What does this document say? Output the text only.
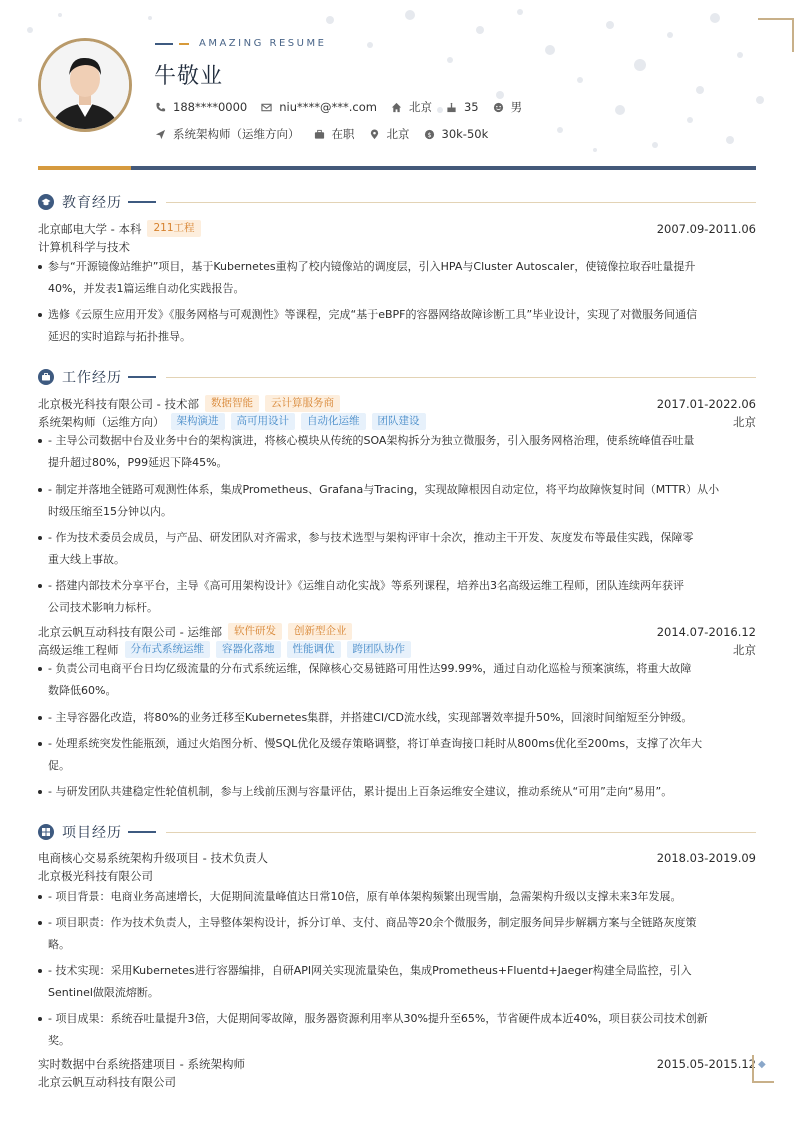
AMAZING RESUME
牛敬业
188****0000	niu****@***.com	北京	35	男
系统架构师（运维方向）	在职	北京 $ 30k-50k
教育经历
北京邮电大学 - 本科	211工程	2007.09-2011.06
计算机科学与技术
参与“开源镜像站维护”项目，基于Kubernetes重构了校内镜像站的调度层，引入HPA与Cluster Autoscaler，使镜像拉取吞吐量提升
40%，并发表1篇运维自动化实践报告。
选修《云原生应用开发》《服务网格与可观测性》等课程，完成“基于eBPF的容器网络故障诊断工具”毕业设计，实现了对微服务间通信
延迟的实时追踪与拓扑推导。
工作经历
北京极光科技有限公司 - 技术部	数据智能	云计算服务商	2017.01-2022.06
系统架构师（运维方向）	架构演进	高可用设计	自动化运维	团队建设	北京
- 主导公司数据中台及业务中台的架构演进，将核心模块从传统的SOA架构拆分为独立微服务，引入服务网格治理，使系统峰值吞吐量
提升超过80%，P99延迟下降45%。
- 制定并落地全链路可观测性体系，集成Prometheus、Grafana与Tracing，实现故障根因自动定位，将平均故障恢复时间（MTTR）从小
时级压缩至15分钟以内。
- 作为技术委员会成员，与产品、研发团队对齐需求，参与技术选型与架构评审十余次，推动主干开发、灰度发布等最佳实践，保障零
重大线上事故。
- 搭建内部技术分享平台，主导《高可用架构设计》《运维自动化实战》等系列课程，培养出3名高级运维工程师，团队连续两年获评
公司技术影响力标杆。
北京云帆互动科技有限公司 - 运维部	软件研发	创新型企业	2014.07-2016.12
高级运维工程师	分布式系统运维	容器化落地	性能调优	跨团队协作	北京
- 负责公司电商平台日均亿级流量的分布式系统运维，保障核心交易链路可用性达99.99%，通过自动化巡检与预案演练，将重大故障
数降低60%。
- 主导容器化改造，将80%的业务迁移至Kubernetes集群，并搭建CI/CD流水线，实现部署效率提升50%，回滚时间缩短至分钟级。
- 处理系统突发性能瓶颈，通过火焰图分析、慢SQL优化及缓存策略调整，将订单查询接口耗时从800ms优化至200ms，支撑了次年大
促。
- 与研发团队共建稳定性轮值机制，参与上线前压测与容量评估，累计提出上百条运维安全建议，推动系统从“可用”走向“易用”。
项目经历
电商核心交易系统架构升级项目 - 技术负责人	2018.03-2019.09
北京极光科技有限公司
- 项目背景：电商业务高速增长，大促期间流量峰值达日常10倍，原有单体架构频繁出现雪崩，急需架构升级以支撑未来3年发展。
- 项目职责：作为技术负责人，主导整体架构设计，拆分订单、支付、商品等20余个微服务，制定服务间异步解耦方案与全链路灰度策
略。
- 技术实现：采用Kubernetes进行容器编排，自研API网关实现流量染色，集成Prometheus+Fluentd+Jaeger构建全局监控，引入
Sentinel做限流熔断。
- 项目成果：系统吞吐量提升3倍，大促期间零故障，服务器资源利用率从30%提升至65%，节省硬件成本近40%，项目获公司技术创新
奖。
实时数据中台系统搭建项目 - 系统架构师	2015.05-2015.12
北京云帆互动科技有限公司
◆
